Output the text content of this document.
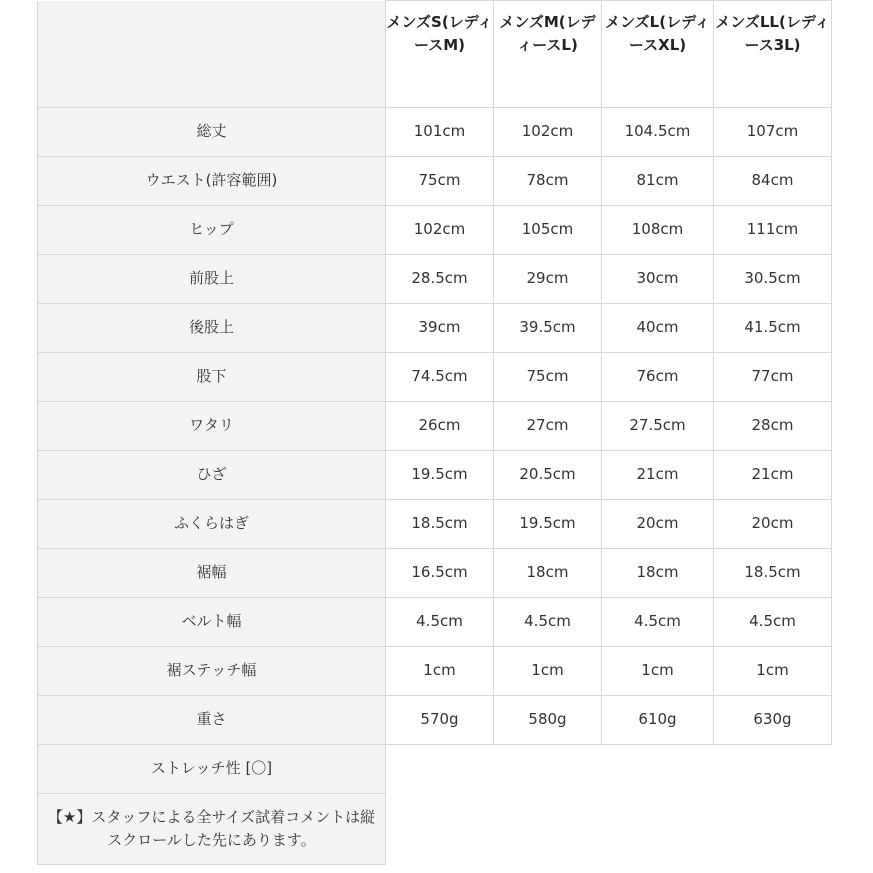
	メンズS(レディースM)	メンズM(レディースL)	メンズL(レディースXL)	メンズLL(レディース3L)
総丈	101cm	102cm	104.5cm	107cm
ウエスト(許容範囲)	75cm	78cm	81cm	84cm
ヒップ	102cm	105cm	108cm	111cm
前股上	28.5cm	29cm	30cm	30.5cm
後股上	39cm	39.5cm	40cm	41.5cm
股下	74.5cm	75cm	76cm	77cm
ワタリ	26cm	27cm	27.5cm	28cm
ひざ	19.5cm	20.5cm	21cm	21cm
ふくらはぎ	18.5cm	19.5cm	20cm	20cm
裾幅	16.5cm	18cm	18cm	18.5cm
ベルト幅	4.5cm	4.5cm	4.5cm	4.5cm
裾ステッチ幅	1cm	1cm	1cm	1cm
重さ	570g	580g	610g	630g
ストレッチ性 [〇]				
【★】スタッフによる全サイズ試着コメントは縦スクロールした先にあります。				
